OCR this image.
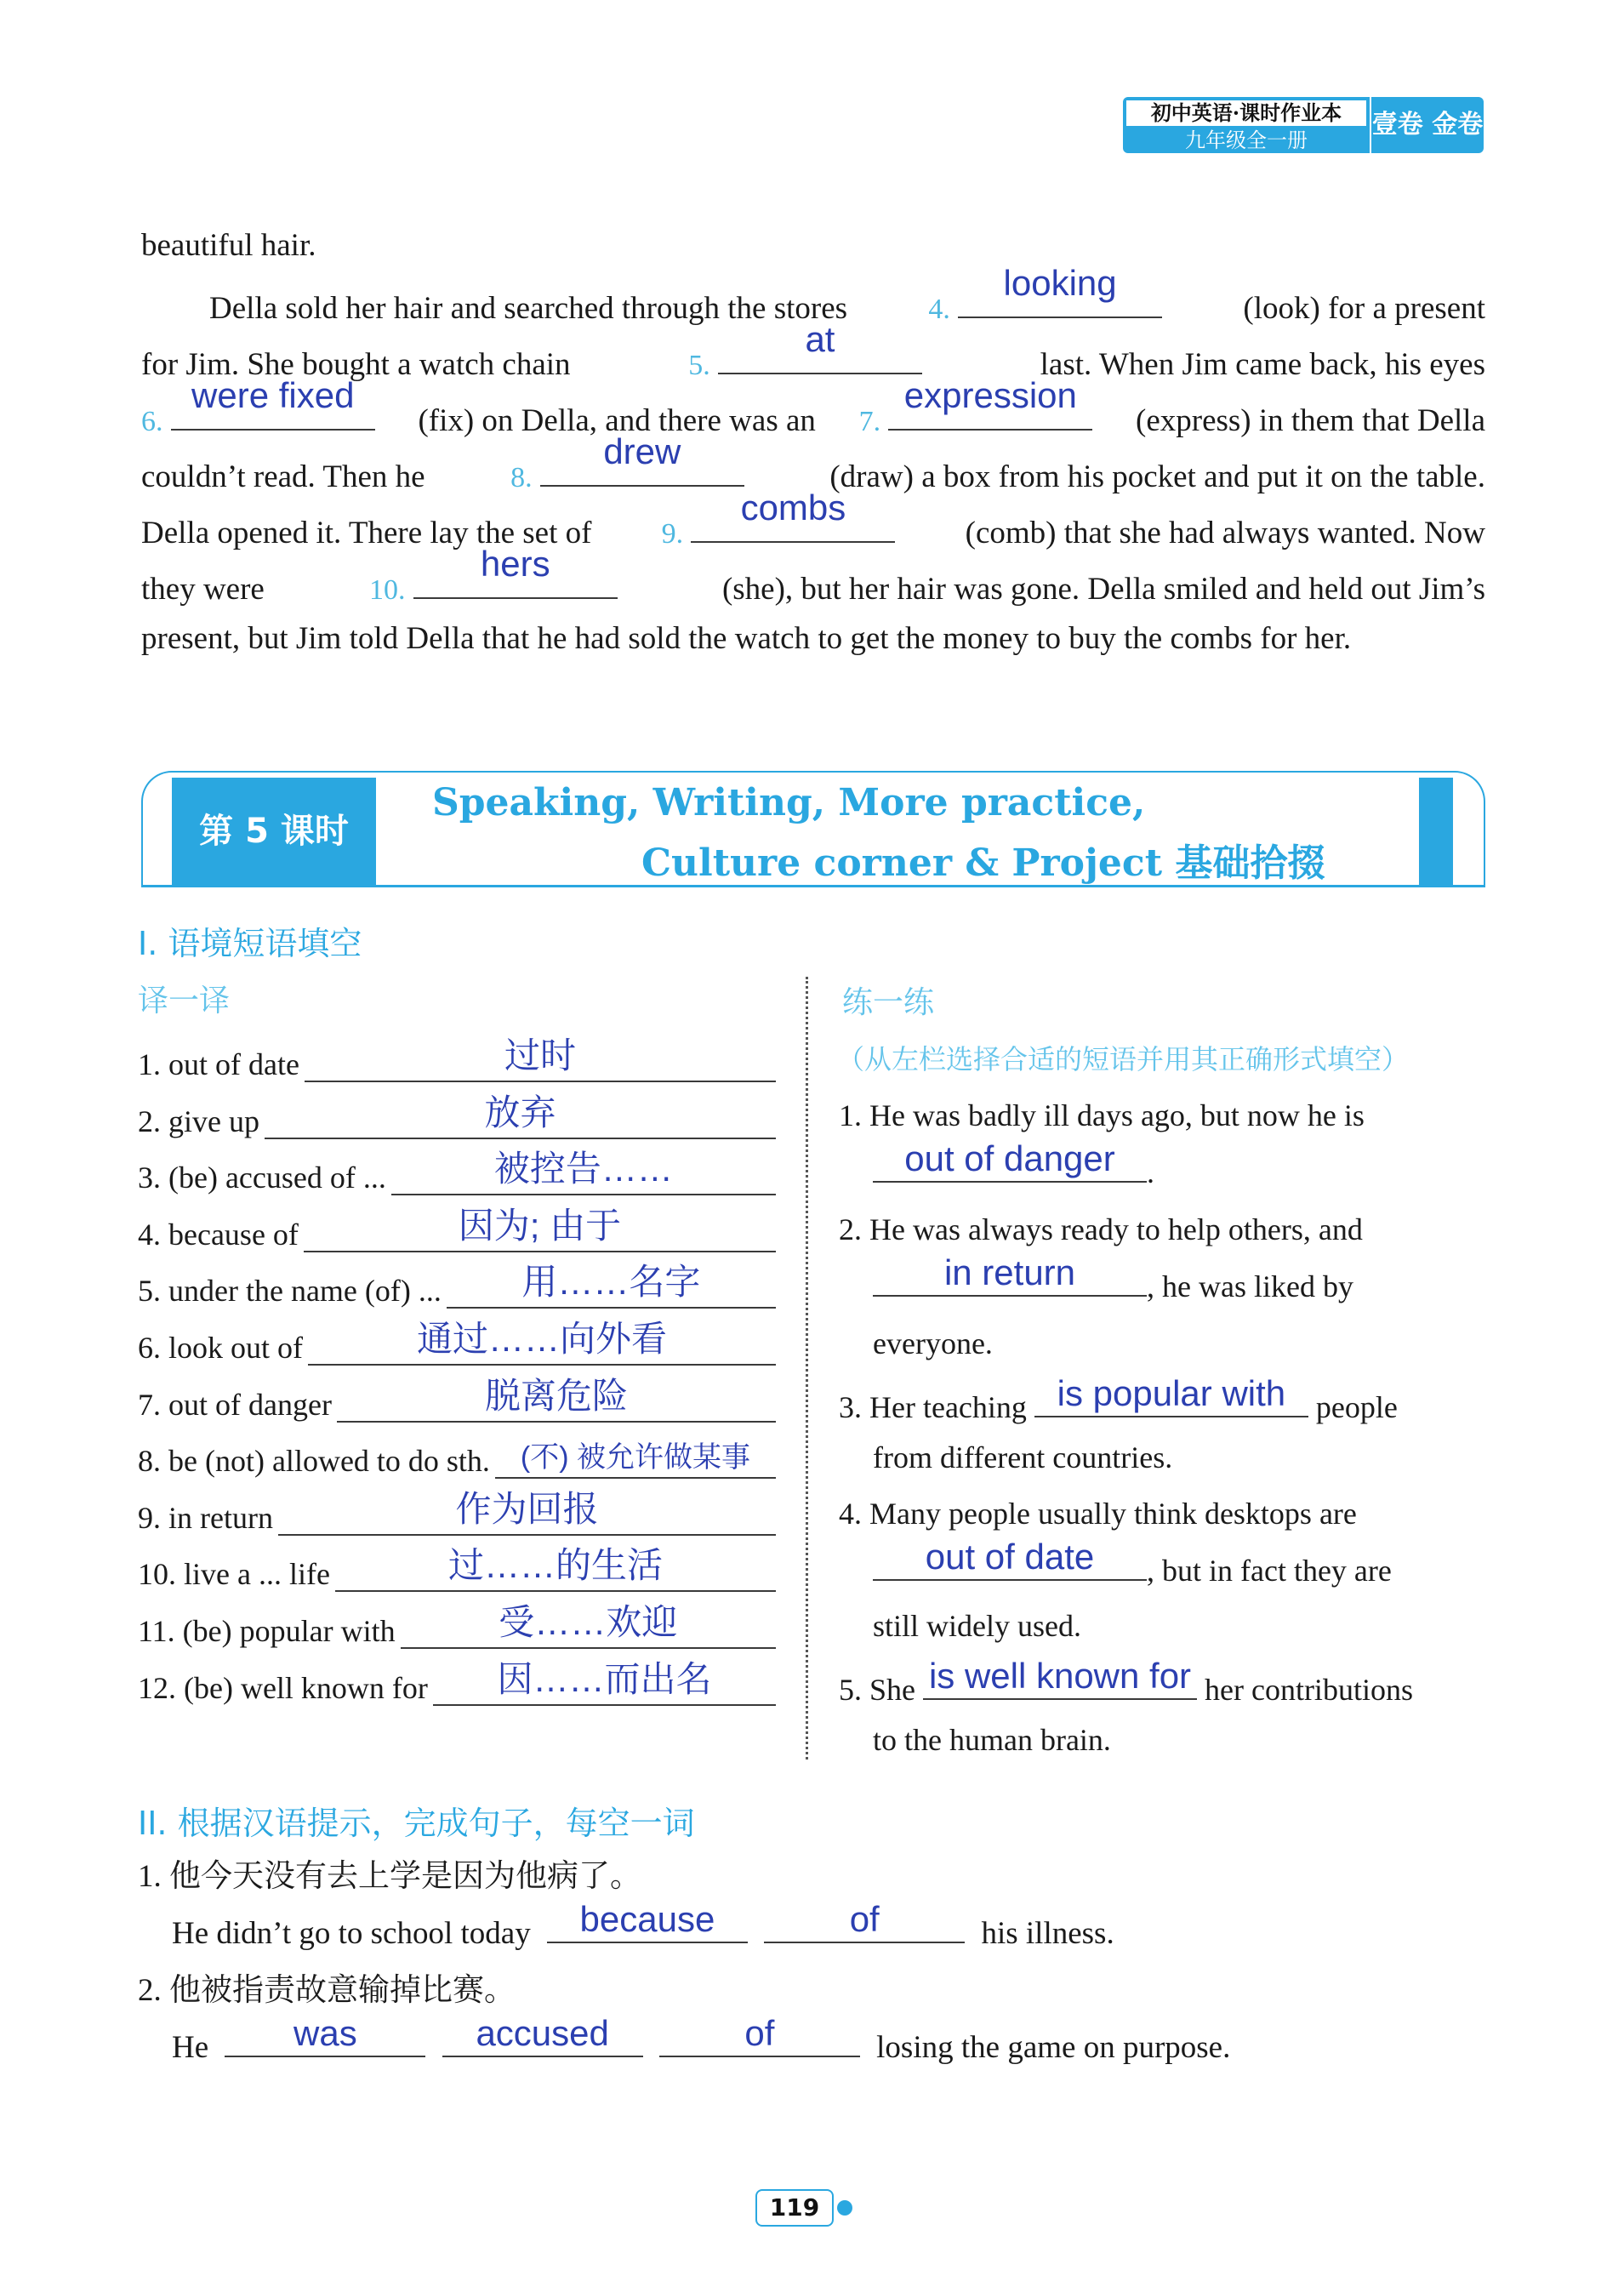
初中英语·课时作业本
九年级全一册
壹卷 金卷
beautiful hair.
Della sold her hair and searched through the stores	4.
looking
(look) for a present
for Jim. She bought a watch chain	5.
at
last. When Jim came back, his eyes
6.
were fixed
(fix) on Della, and there was an 7.
expression
(express) in them that Della
couldn’t read. Then he	8.
drew
(draw) a box from his pocket and put it on the table.
Della opened it. There lay the set of 9.
combs
(comb) that she had always wanted. Now
they were	10.
hers
(she), but her hair was gone. Della smiled and held out Jim’s
present, but Jim told Della that he had sold the watch to get the money to buy the combs for her.
第 5 课时
Speaking, Writing, More practice,
Culture corner & Project 基础拾掇
I. 语境短语填空
译一译	练一练
（从左栏选择合适的短语并用其正确形式填空）
1. out of date	过时
2. give up	放弃
3. (be) accused of ...	被控告……
4. because of	因为; 由于
5. under the name (of) ...	用……名字
6. look out of	通过……向外看
7. out of danger	脱离危险
8. be (not) allowed to do sth.	(不) 被允许做某事
9. in return	作为回报
10. live a ... life	过……的生活
11. (be) popular with	受……欢迎
12. (be) well known for	因……而出名
1. He was badly ill days ago, but now he is
out of danger	.
2. He was always ready to help others, and
in return	, he was liked by
everyone.
3. Her teaching is popular with people
from different countries.
4. Many people usually think desktops are
out of date	, but in fact they are
still widely used.
5. She is well known for her contributions
to the human brain.
II. 根据汉语提示，完成句子，每空一词
1. 他今天没有去上学是因为他病了。
He didn’t go to school today	because
	of	his illness.
2. 他被指责故意输掉比赛。
He	was
	accused
	of	losing the game on purpose.
119
